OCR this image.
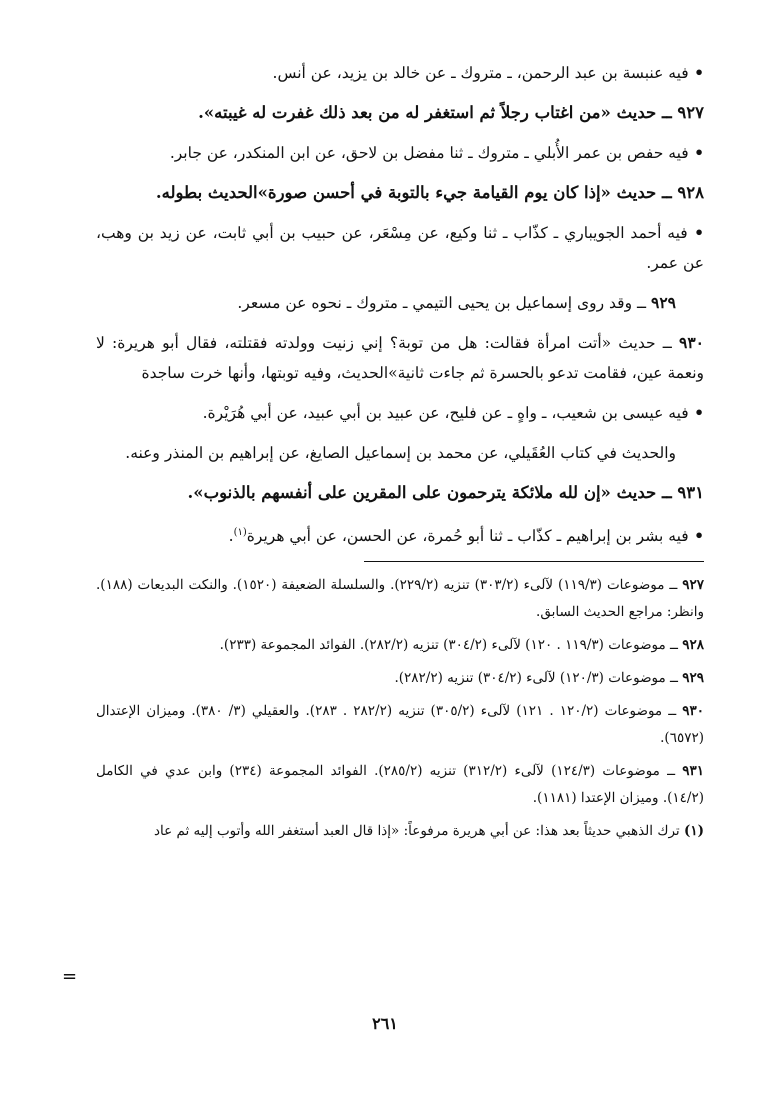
• فيه عنبسة بن عبد الرحمن، ـ متروك ـ عن خالد بن يزيد، عن أنس.

٩٢٧ ــ حديث «من اغتاب رجلاً ثم استغفر له من بعد ذلك غفرت له غيبته».

• فيه حفص بن عمر الأُبلي ـ متروك ـ ثنا مفضل بن لاحق، عن ابن المنكدر، عن جابر.

٩٢٨ ــ حديث «إذا كان يوم القيامة جيء بالتوبة في أحسن صورة»الحديث بطوله.

• فيه أحمد الجويباري ـ كذّاب ـ ثنا وكيع، عن مِسْعَر، عن حبيب بن أبي ثابت، عن زيد بن وهب، عن عمر.

٩٢٩ ــ وقد روى إسماعيل بن يحيى التيمي ـ متروك ـ نحوه عن مسعر.

٩٣٠ ــ حديث «أتت امرأة فقالت: هل من توبة؟ إني زنيت وولدته فقتلته، فقال أبو هريرة: لا ونعمة عين، فقامت تدعو بالحسرة ثم جاءت ثانية»الحديث، وفيه توبتها، وأنها خرت ساجدة

• فيه عيسى بن شعيب، ـ واهٍ ـ عن فليح، عن عبيد بن أبي عبيد، عن أبي هُرَيْرة.

والحديث في كتاب العُقَيلي، عن محمد بن إسماعيل الصايغ، عن إبراهيم بن المنذر وعنه.

٩٣١ ــ حديث «إن لله ملائكة يترحمون على المقرين على أنفسهم بالذنوب».

• فيه بشر بن إبراهيم ـ كذّاب ـ ثنا أبو حُمرة، عن الحسن، عن أبي هريرة$^{(١)}$.

٩٢٧ ــ موضوعات (١١٩/٣) لآلىء (٣٠٣/٢) تنزيه (٢٢٩/٢). والسلسلة الضعيفة (١٥٢٠). والنكت البديعات (١٨٨). وانظر: مراجع الحديث السابق.

٩٢٨ ــ موضوعات (١١٩/٣ . ١٢٠) لآلىء (٣٠٤/٢) تنزيه (٢٨٢/٢). الفوائد المجموعة (٢٣٣).

٩٢٩ ــ موضوعات (١٢٠/٣) لآلىء (٣٠٤/٢) تنزيه (٢٨٢/٢).

٩٣٠ ــ موضوعات (١٢٠/٢ . ١٢١) لآلىء (٣٠٥/٢) تنزيه (٢٨٢/٢ . ٢٨٣). والعقيلي (٣/ ٣٨٠). وميزان الإعتدال (٦٥٧٢).

٩٣١ ــ موضوعات (١٢٤/٣) لآلىء (٣١٢/٢) تنزيه (٢٨٥/٢). الفوائد المجموعة (٢٣٤) وابن عدي في الكامل (١٤/٢). وميزان الإعتدا (١١٨١).

(١) ترك الذهبي حديثاً بعد هذا: عن أبي هريرة مرفوعاً: «إذا قال العبد أستغفر الله وأتوب إليه ثم عاد

=
٢٦١
